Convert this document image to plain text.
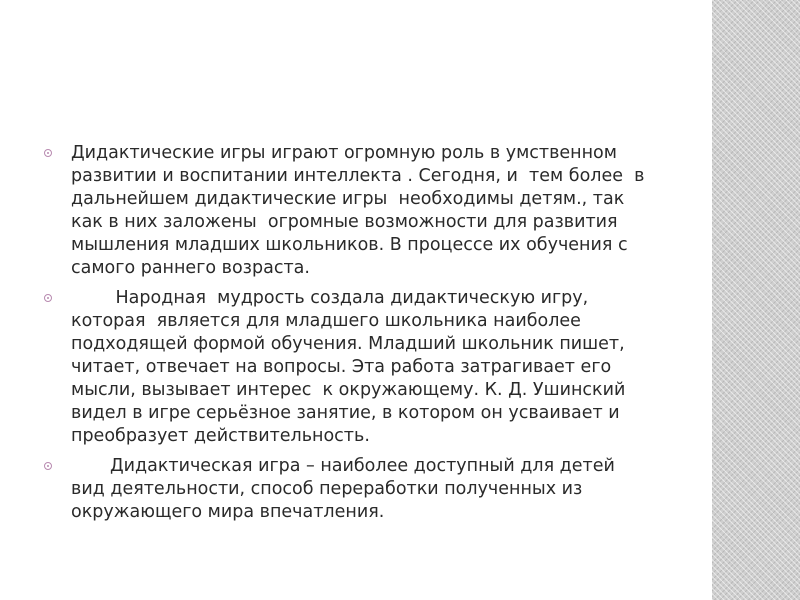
Дидактические игры играют огромную роль в умственном развитии и воспитании интеллекта . Сегодня, и  тем более  в дальнейшем дидактические игры  необходимы детям., так как в них заложены  огромные возможности для развития мышления младших школьников. В процессе их обучения с самого раннего возраста.
Народная  мудрость создала дидактическую игру, которая  является для младшего школьника наиболее подходящей формой обучения. Младший школьник пишет, читает, отвечает на вопросы. Эта работа затрагивает его мысли, вызывает интерес  к окружающему. К. Д. Ушинский видел в игре серьёзное занятие, в котором он усваивает и преобразует действительность.
Дидактическая игра – наиболее доступный для детей вид деятельности, способ переработки полученных из окружающего мира впечатления.
